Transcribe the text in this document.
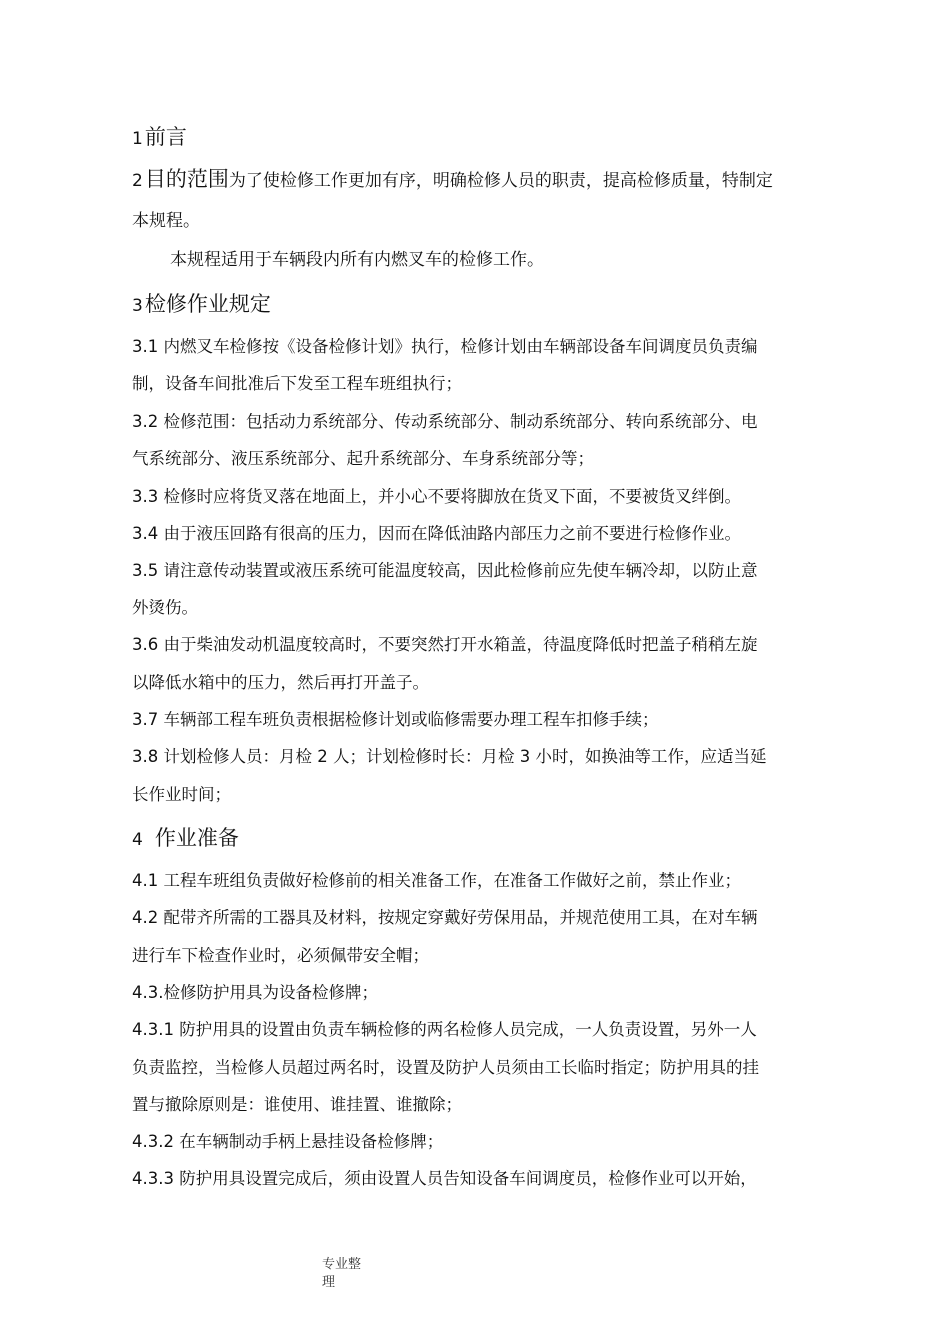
1前言
2目的范围为了使检修工作更加有序，明确检修人员的职责，提高检修质量，特制定
本规程。
本规程适用于车辆段内所有内燃叉车的检修工作。
3检修作业规定
3.1 内燃叉车检修按《设备检修计划》执行，检修计划由车辆部设备车间调度员负责编
制，设备车间批准后下发至工程车班组执行；
3.2 检修范围：包括动力系统部分、传动系统部分、制动系统部分、转向系统部分、电
气系统部分、液压系统部分、起升系统部分、车身系统部分等；
3.3 检修时应将货叉落在地面上，并小心不要将脚放在货叉下面，不要被货叉绊倒。
3.4 由于液压回路有很高的压力，因而在降低油路内部压力之前不要进行检修作业。
3.5 请注意传动装置或液压系统可能温度较高，因此检修前应先使车辆冷却，以防止意
外烫伤。
3.6 由于柴油发动机温度较高时，不要突然打开水箱盖，待温度降低时把盖子稍稍左旋
以降低水箱中的压力，然后再打开盖子。
3.7 车辆部工程车班负责根据检修计划或临修需要办理工程车扣修手续；
3.8 计划检修人员：月检 2 人；计划检修时长：月检 3 小时，如换油等工作，应适当延
长作业时间；
4 作业准备
4.1 工程车班组负责做好检修前的相关准备工作，在准备工作做好之前，禁止作业；
4.2 配带齐所需的工器具及材料，按规定穿戴好劳保用品，并规范使用工具，在对车辆
进行车下检查作业时，必须佩带安全帽；
4.3.检修防护用具为设备检修牌；
4.3.1 防护用具的设置由负责车辆检修的两名检修人员完成，一人负责设置，另外一人
负责监控，当检修人员超过两名时，设置及防护人员须由工长临时指定；防护用具的挂
置与撤除原则是：谁使用、谁挂置、谁撤除；
4.3.2 在车辆制动手柄上悬挂设备检修牌；
4.3.3 防护用具设置完成后，须由设置人员告知设备车间调度员，检修作业可以开始，
专业整
理
